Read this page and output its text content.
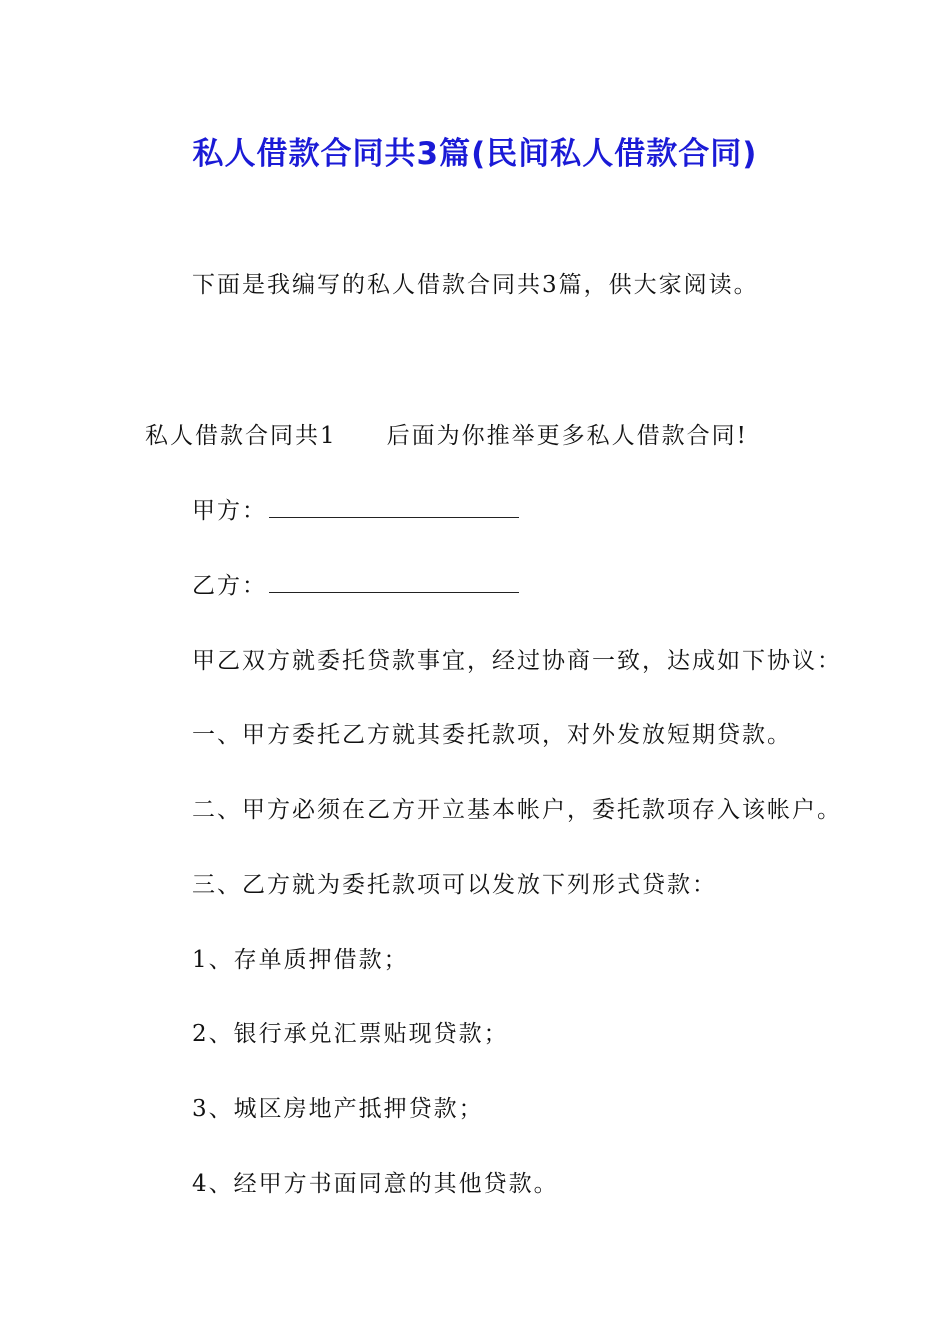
私人借款合同共3篇(民间私人借款合同)
下面是我编写的私人借款合同共3篇，供大家阅读。
私人借款合同共1 后面为你推举更多私人借款合同!
甲方：
乙方：
甲乙双方就委托贷款事宜，经过协商一致，达成如下协议：
一、甲方委托乙方就其委托款项，对外发放短期贷款。
二、甲方必须在乙方开立基本帐户，委托款项存入该帐户。
三、乙方就为委托款项可以发放下列形式贷款：
1、存单质押借款；
2、银行承兑汇票贴现贷款；
3、城区房地产抵押贷款；
4、经甲方书面同意的其他贷款。
